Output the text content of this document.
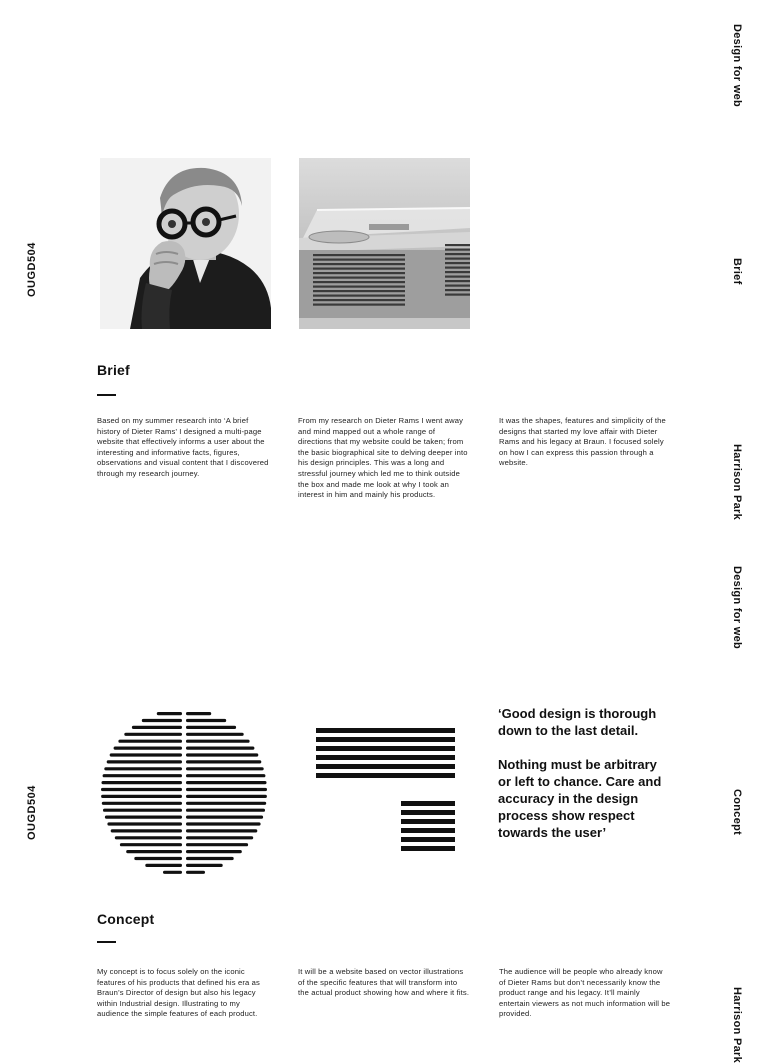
OUGD504
OUGD504
Design for web
Brief
Harrison Park
Design for web
Concept
Harrison Park
Brief
Based on my summer research into ‘A brief history of Dieter Rams’ I designed a multi-page website that effectively informs a user about the interesting and informative facts, figures, observations and visual content that I discovered through my research journey.
From my research on Dieter Rams I went away and mind mapped out a whole range of directions that my website could be taken; from the basic biographical site to delving deeper into his design principles. This was a long and stressful journey which led me to think outside the box and made me look at why I took an interest in him and mainly his products.
It was the shapes, features and simplicity of the designs that started my love affair with Dieter Rams and his legacy at Braun. I focused solely on how I can express this passion through a website.

‘Good design is thorough down to the last detail.

Nothing must be arbitrary or left to chance. Care and accuracy in the design process show respect towards the user’

Concept
My concept is to focus solely on the iconic features of his products that defined his era as Braun’s Director of design but also his legacy within Industrial design. Illustrating to my audience the simple features of each product.
It will be a website based on vector illustrations of the specific features that will transform into the actual product showing how and where it fits.
The audience will be people who already know of Dieter Rams but don’t necessarily know the product range and his legacy. It’ll mainly entertain viewers as not much information will be provided.
